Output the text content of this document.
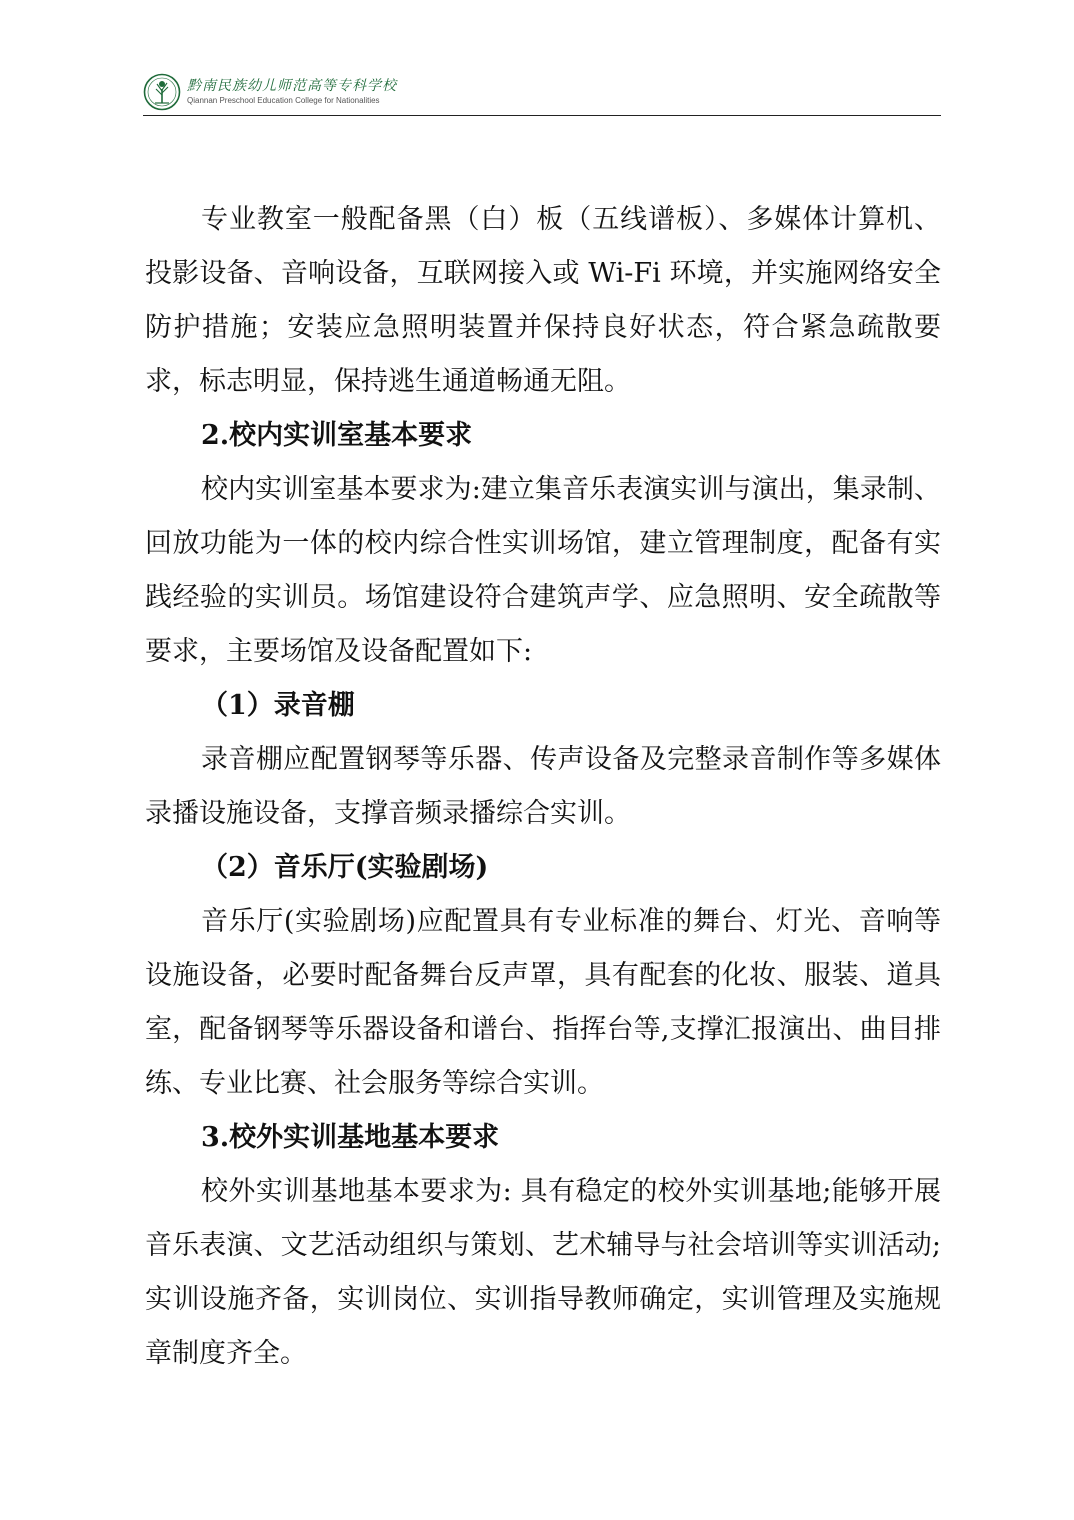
黔南民族幼儿师范高等专科学校
Qiannan Preschool Education College for Nationalities

专业教室一般配备黑（白）板（五线谱板）、多媒体计算机、投影设备、音响设备，互联网接入或 Wi-Fi 环境，并实施网络安全防护措施；安装应急照明装置并保持良好状态，符合紧急疏散要求，标志明显，保持逃生通道畅通无阻。

2.校内实训室基本要求

校内实训室基本要求为:建立集音乐表演实训与演出，集录制、回放功能为一体的校内综合性实训场馆，建立管理制度，配备有实践经验的实训员。场馆建设符合建筑声学、应急照明、安全疏散等要求，主要场馆及设备配置如下:

（1）录音棚

录音棚应配置钢琴等乐器、传声设备及完整录音制作等多媒体录播设施设备，支撑音频录播综合实训。

（2）音乐厅(实验剧场)

音乐厅(实验剧场)应配置具有专业标准的舞台、灯光、音响等设施设备，必要时配备舞台反声罩，具有配套的化妆、服装、道具室，配备钢琴等乐器设备和谱台、指挥台等,支撑汇报演出、曲目排练、专业比赛、社会服务等综合实训。

3.校外实训基地基本要求

校外实训基地基本要求为: 具有稳定的校外实训基地;能够开展音乐表演、文艺活动组织与策划、艺术辅导与社会培训等实训活动;实训设施齐备，实训岗位、实训指导教师确定，实训管理及实施规章制度齐全。
